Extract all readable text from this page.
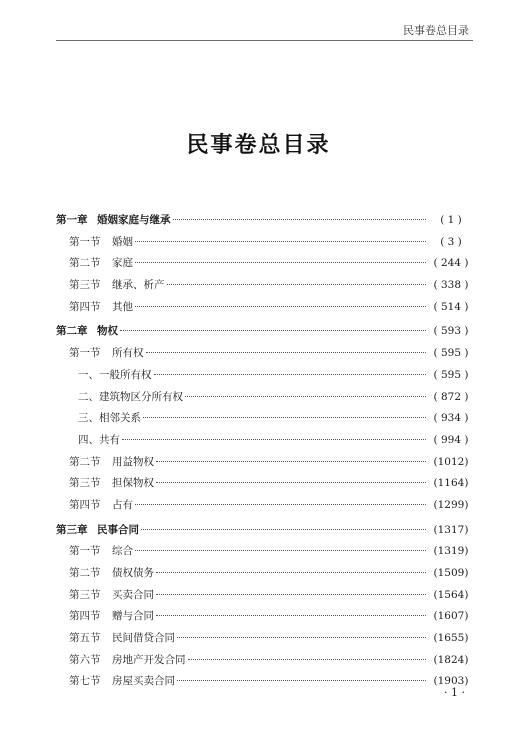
民事卷总目录
民事卷总目录
第一章 婚姻家庭与继承	( 1 )
第一节 婚姻	( 3 )
第二节 家庭	( 244 )
第三节 继承、析产	( 338 )
第四节 其他	( 514 )
第二章 物权	( 593 )
第一节 所有权	( 595 )
一、一般所有权	( 595 )
二、建筑物区分所有权	( 872 )
三、相邻关系	( 934 )
四、共有	( 994 )
第二节 用益物权	(1012)
第三节 担保物权	(1164)
第四节 占有	(1299)
第三章 民事合同	(1317)
第一节 综合	(1319)
第二节 债权债务	(1509)
第三节 买卖合同	(1564)
第四节 赠与合同	(1607)
第五节 民间借贷合同	(1655)
第六节 房地产开发合同	(1824)
第七节 房屋买卖合同	(1903)
· 1 ·
